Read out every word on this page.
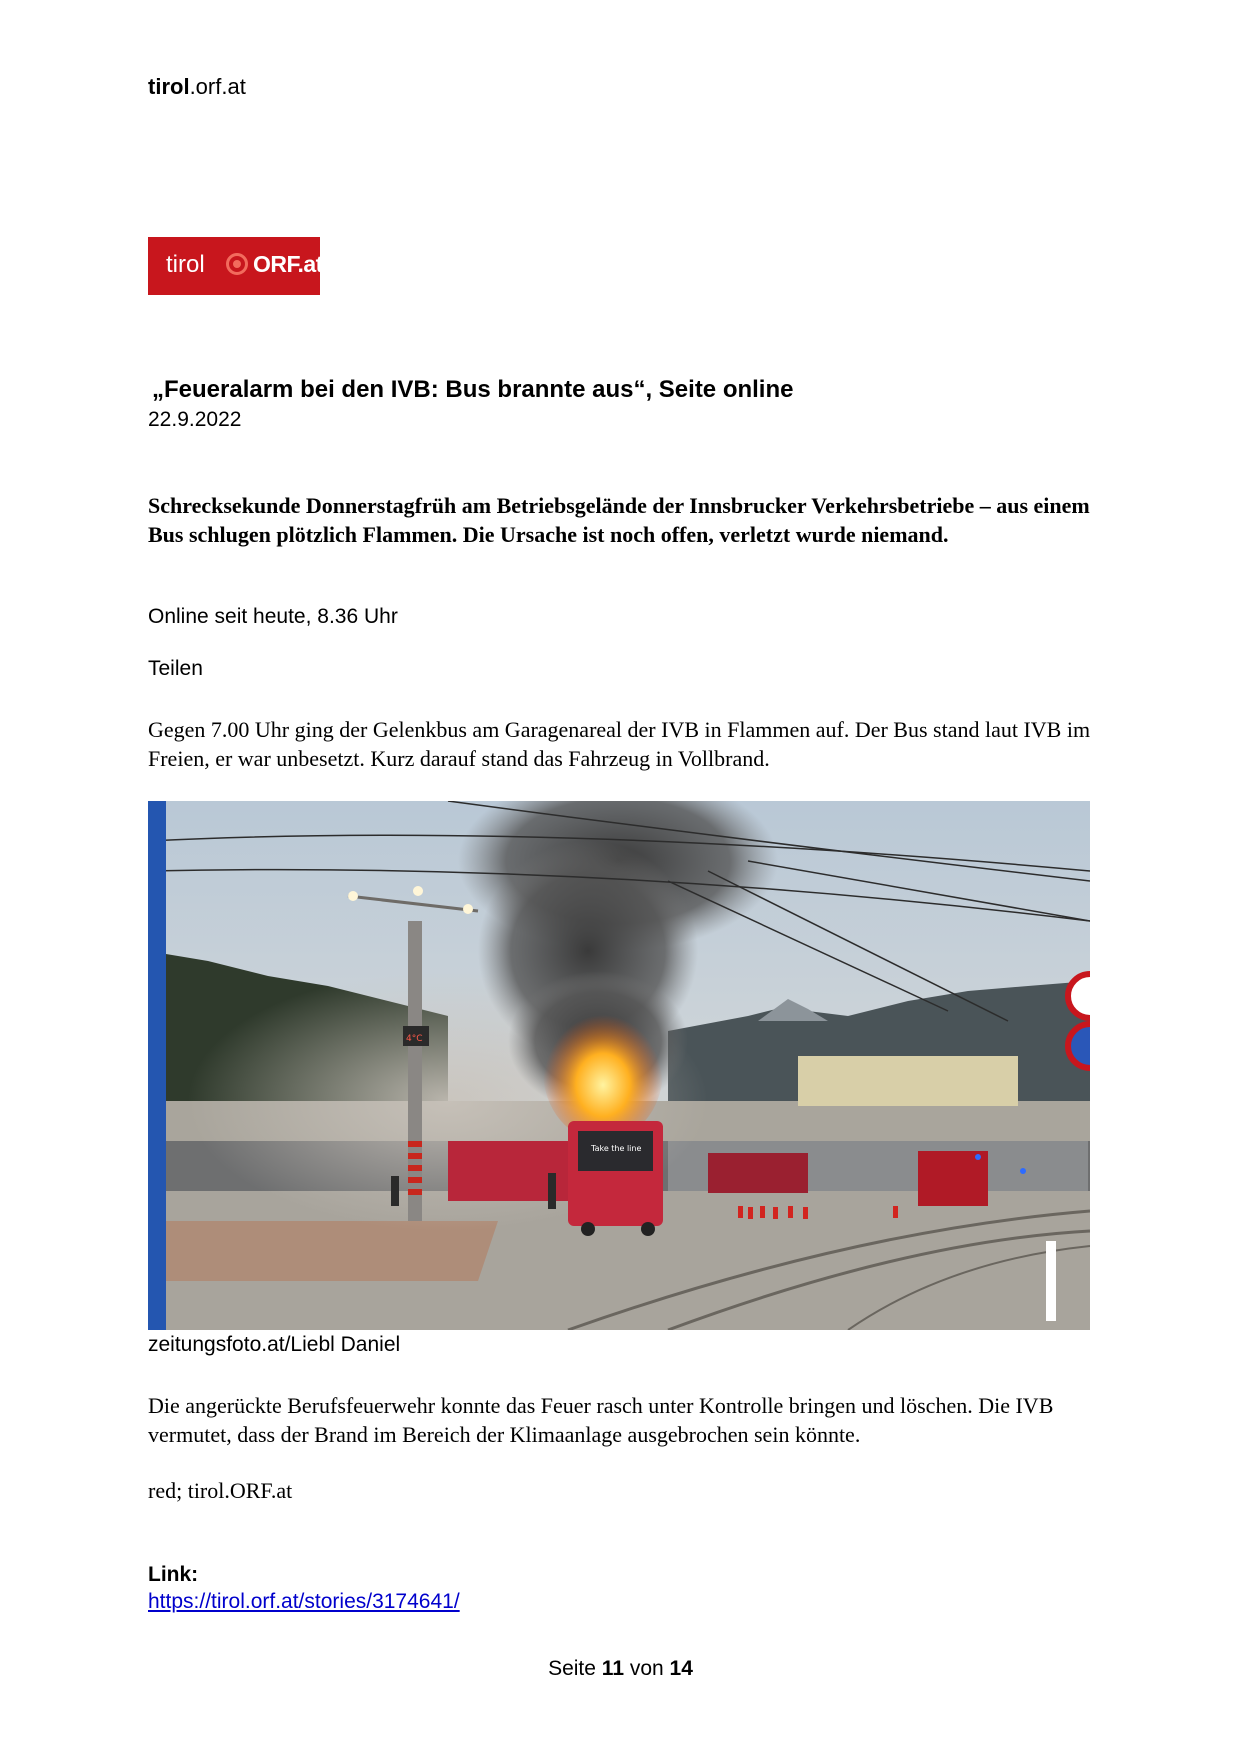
tirol.orf.at
tirol ORF.at
„Feueralarm bei den IVB: Bus brannte aus“, Seite online
22.9.2022
Schrecksekunde Donnerstagfrüh am Betriebsgelände der Innsbrucker Verkehrsbetriebe – aus einem Bus schlugen plötzlich Flammen. Die Ursache ist noch offen, verletzt wurde niemand.
Online seit heute, 8.36 Uhr
Teilen
Gegen 7.00 Uhr ging der Gelenkbus am Garagenareal der IVB in Flammen auf. Der Bus stand laut IVB im Freien, er war unbesetzt. Kurz darauf stand das Fahrzeug in Vollbrand.
Take the line
4°C
zeitungsfoto.at/Liebl Daniel
Die angerückte Berufsfeuerwehr konnte das Feuer rasch unter Kontrolle bringen und löschen. Die IVB vermutet, dass der Brand im Bereich der Klimaanlage ausgebrochen sein könnte.
red; tirol.ORF.at
Link:
https://tirol.orf.at/stories/3174641/
Seite 11 von 14
